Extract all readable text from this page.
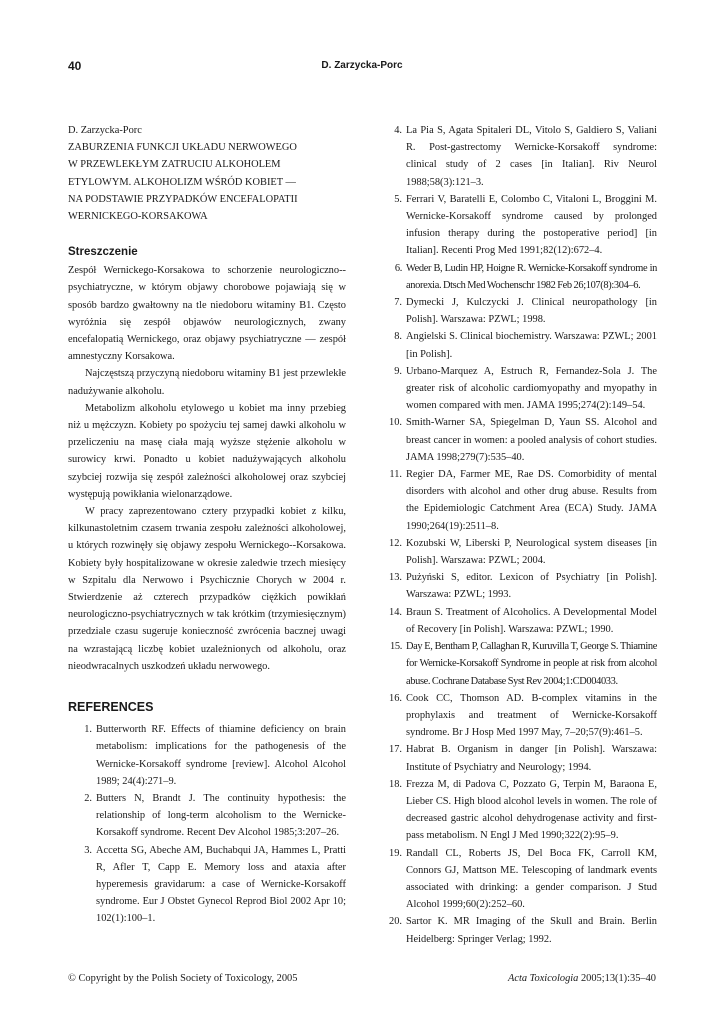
40	D. Zarzycka-Porc
D. Zarzycka-Porc
ZABURZENIA FUNKCJI UKŁADU NERWOWEGO
W PRZEWLEKŁYM ZATRUCIU ALKOHOLEM
ETYLOWYM. ALKOHOLIZM WŚRÓD KOBIET —
NA PODSTAWIE PRZYPADKÓW ENCEFALOPATII
WERNICKEGO-KORSAKOWA
Streszczenie

Zespół Wernickego-Korsakowa to schorzenie neurologiczno--psychiatryczne, w którym objawy chorobowe pojawiają się w sposób bardzo gwałtowny na tle niedoboru witaminy B1. Często wyróżnia się zespół objawów neurologicznych, zwany encefalopatią Wernickego, oraz objawy psychiatryczne — zespół amnestyczny Korsakowa.

Najczęstszą przyczyną niedoboru witaminy B1 jest przewlekłe nadużywanie alkoholu.

Metabolizm alkoholu etylowego u kobiet ma inny przebieg niż u mężczyzn. Kobiety po spożyciu tej samej dawki alkoholu w przeliczeniu na masę ciała mają wyższe stężenie alkoholu w surowicy krwi. Ponadto u kobiet nadużywających alkoholu szybciej rozwija się zespół zależności alkoholowej oraz szybciej występują powikłania wielonarządowe.

W pracy zaprezentowano cztery przypadki kobiet z kilku, kilkunastoletnim czasem trwania zespołu zależności alkoholowej, u których rozwinęły się objawy zespołu Wernickego--Korsakowa. Kobiety były hospitalizowane w okresie zaledwie trzech miesięcy w Szpitalu dla Nerwowo i Psychicznie Chorych w 2004 r. Stwierdzenie aż czterech przypadków ciężkich powikłań neurologiczno-psychiatrycznych w tak krótkim (trzymiesięcznym) przedziale czasu sugeruje konieczność zwrócenia bacznej uwagi na wzrastającą liczbę kobiet uzależnionych od alkoholu, oraz nieodwracalnych uszkodzeń układu nerwowego.

REFERENCES
1. Butterworth RF. Effects of thiamine deficiency on brain metabolism: implications for the pathogenesis of the Wernicke-Korsakoff syndrome [review]. Alcohol Alcohol 1989; 24(4):271–9.
2. Butters N, Brandt J. The continuity hypothesis: the relationship of long-term alcoholism to the Wernicke-Korsakoff syndrome. Recent Dev Alcohol 1985;3:207–26.
3. Accetta SG, Abeche AM, Buchabqui JA, Hammes L, Pratti R, Afler T, Capp E. Memory loss and ataxia after hyperemesis gravidarum: a case of Wernicke-Korsakoff syndrome. Eur J Obstet Gynecol Reprod Biol 2002 Apr 10; 102(1):100–1.
4. La Pia S, Agata Spitaleri DL, Vitolo S, Galdiero S, Valiani R. Post-gastrectomy Wernicke-Korsakoff syndrome: clinical study of 2 cases [in Italian]. Riv Neurol 1988;58(3):121–3.
5. Ferrari V, Baratelli E, Colombo C, Vitaloni L, Broggini M. Wernicke-Korsakoff syndrome caused by prolonged infusion therapy during the postoperative period] [in Italian]. Recenti Prog Med 1991;82(12):672–4.
6. Weder B, Ludin HP, Hoigne R. Wernicke-Korsakoff syndrome in anorexia. Dtsch Med Wochenschr 1982 Feb 26;107(8):304–6.
7. Dymecki J, Kulczycki J. Clinical neuropathology [in Polish]. Warszawa: PZWL; 1998.
8. Angielski S. Clinical biochemistry. Warszawa: PZWL; 2001 [in Polish].
9. Urbano-Marquez A, Estruch R, Fernandez-Sola J. The greater risk of alcoholic cardiomyopathy and myopathy in women compared with men. JAMA 1995;274(2):149–54.
10. Smith-Warner SA, Spiegelman D, Yaun SS. Alcohol and breast cancer in women: a pooled analysis of cohort studies. JAMA 1998;279(7):535–40.
11. Regier DA, Farmer ME, Rae DS. Comorbidity of mental disorders with alcohol and other drug abuse. Results from the Epidemiologic Catchment Area (ECA) Study. JAMA 1990;264(19):2511–8.
12. Kozubski W, Liberski P, Neurological system diseases [in Polish]. Warszawa: PZWL; 2004.
13. Pużyński S, editor. Lexicon of Psychiatry [in Polish]. Warszawa: PZWL; 1993.
14. Braun S. Treatment of Alcoholics. A Developmental Model of Recovery [in Polish]. Warszawa: PZWL; 1990.
15. Day E, Bentham P, Callaghan R, Kuruvilla T, George S. Thiamine for Wernicke-Korsakoff Syndrome in people at risk from alcohol abuse. Cochrane Database Syst Rev 2004;1:CD004033.
16. Cook CC, Thomson AD. B-complex vitamins in the prophylaxis and treatment of Wernicke-Korsakoff syndrome. Br J Hosp Med 1997 May, 7–20;57(9):461–5.
17. Habrat B. Organism in danger [in Polish]. Warszawa: Institute of Psychiatry and Neurology; 1994.
18. Frezza M, di Padova C, Pozzato G, Terpin M, Baraona E, Lieber CS. High blood alcohol levels in women. The role of decreased gastric alcohol dehydrogenase activity and first-pass metabolism. N Engl J Med 1990;322(2):95–9.
19. Randall CL, Roberts JS, Del Boca FK, Carroll KM, Connors GJ, Mattson ME. Telescoping of landmark events associated with drinking: a gender comparison. J Stud Alcohol 1999;60(2):252–60.
20. Sartor K. MR Imaging of the Skull and Brain. Berlin Heidelberg: Springer Verlag; 1992.
© Copyright by the Polish Society of Toxicology, 2005	Acta Toxicologia 2005;13(1):35–40
